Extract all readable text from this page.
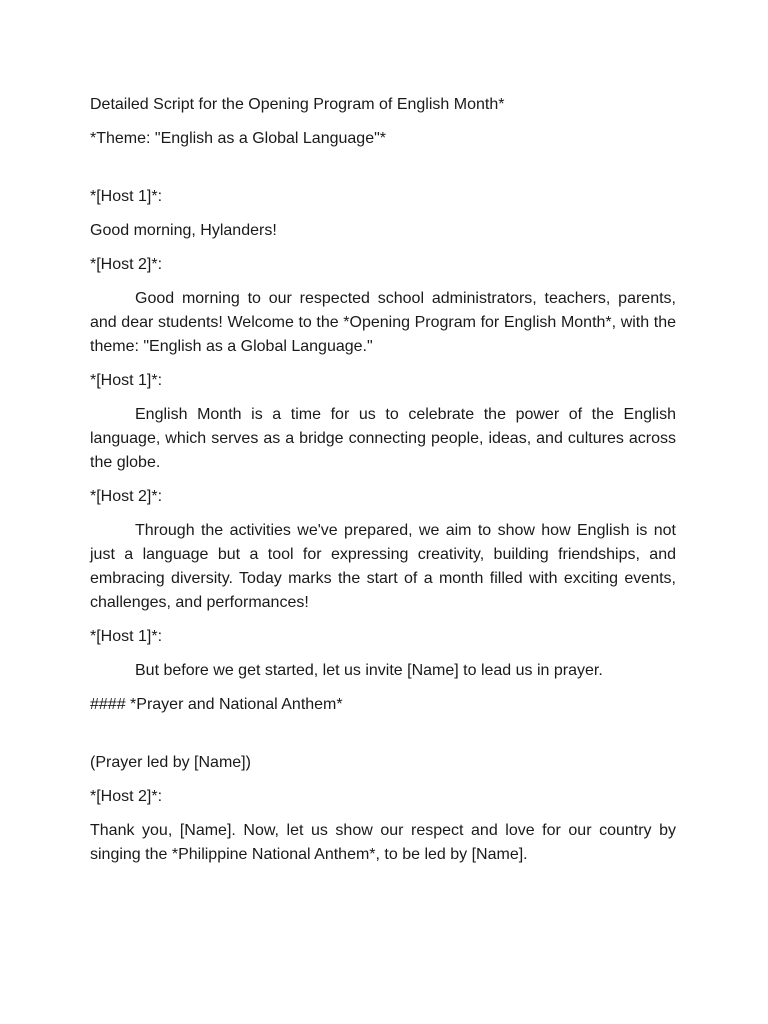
Detailed Script for the Opening Program of English Month*

*Theme: "English as a Global Language"*

*[Host 1]*:

Good morning, Hylanders!

*[Host 2]*:

Good morning to our respected school administrators, teachers, parents, and dear students! Welcome to the *Opening Program for English Month*, with the theme: "English as a Global Language."

*[Host 1]*:

English Month is a time for us to celebrate the power of the English language, which serves as a bridge connecting people, ideas, and cultures across the globe.

*[Host 2]*:

Through the activities we've prepared, we aim to show how English is not just a language but a tool for expressing creativity, building friendships, and embracing diversity. Today marks the start of a month filled with exciting events, challenges, and performances!

*[Host 1]*:

But before we get started, let us invite [Name] to lead us in prayer.

#### *Prayer and National Anthem*

(Prayer led by [Name])

*[Host 2]*:

Thank you, [Name]. Now, let us show our respect and love for our country by singing the *Philippine National Anthem*, to be led by [Name].
